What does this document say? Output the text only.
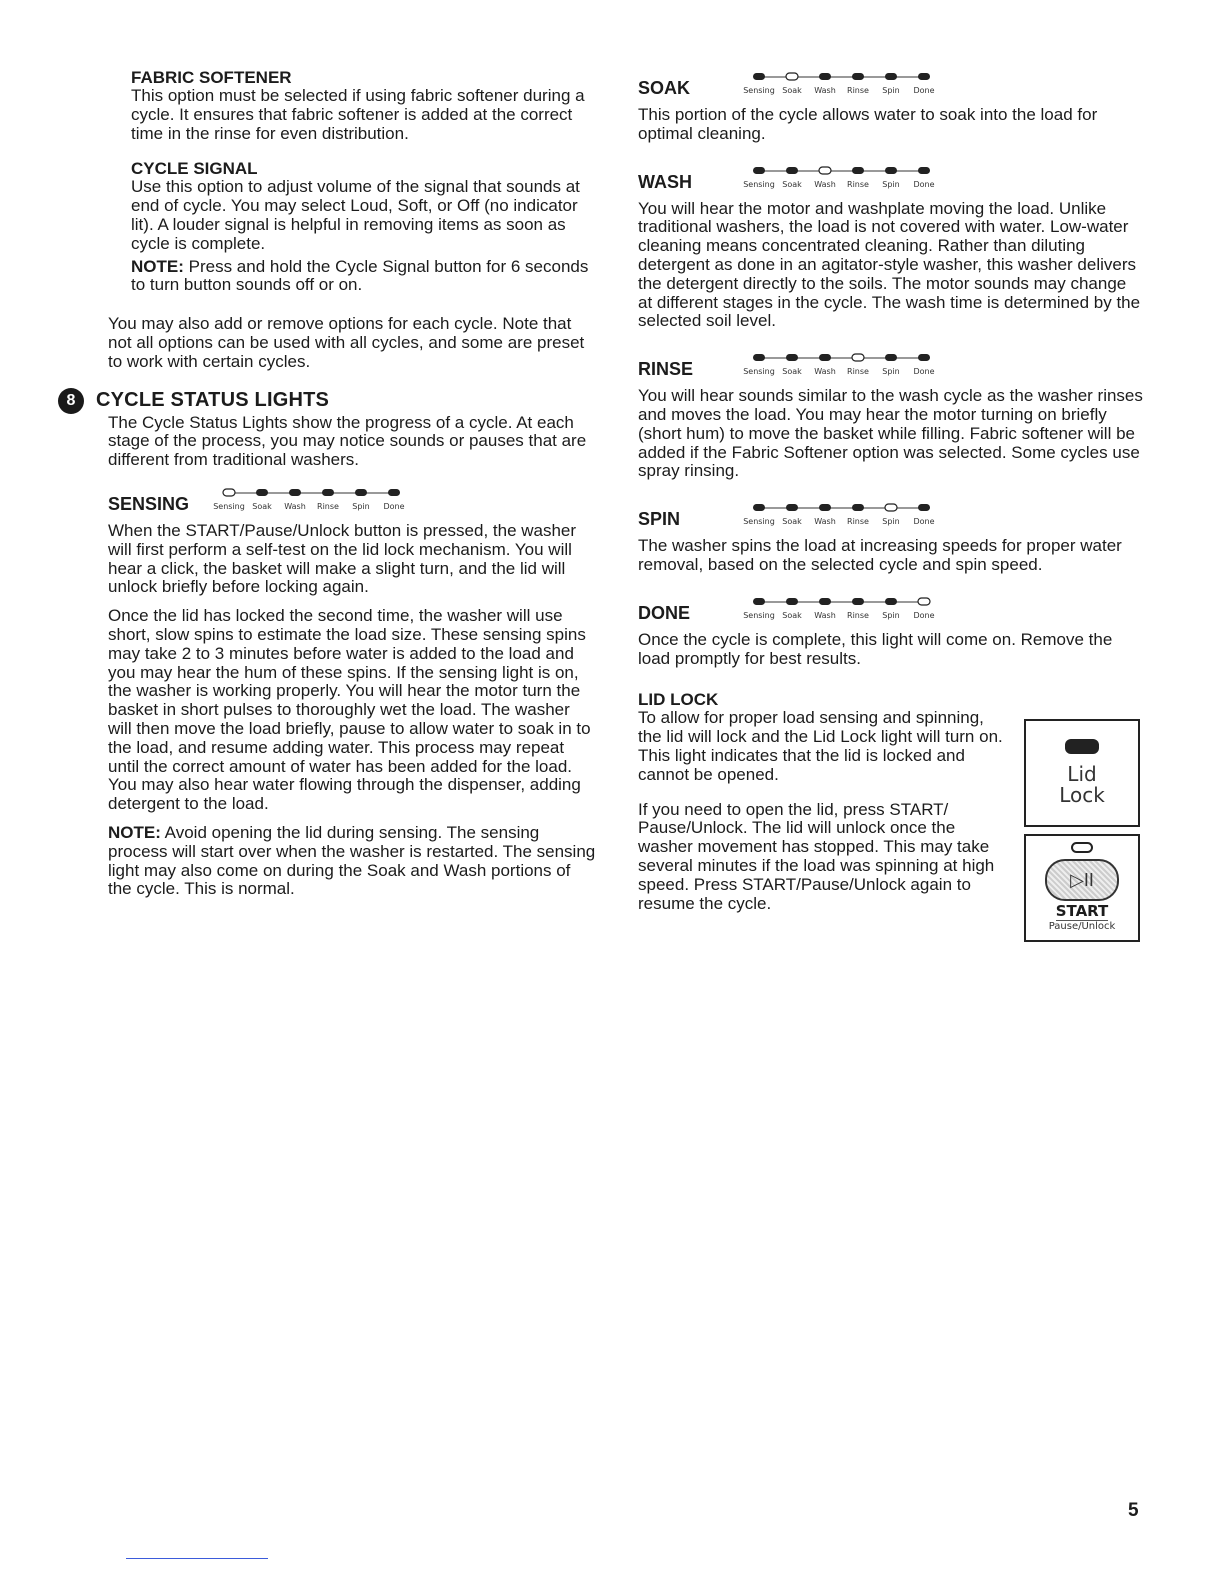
FABRIC SOFTENER

This option must be selected if using fabric softener during a cycle. It ensures that fabric softener is added at the correct time in the rinse for even distribution.

CYCLE SIGNAL

Use this option to adjust volume of the signal that sounds at end of cycle. You may select Loud, Soft, or Off (no indicator lit). A louder signal is helpful in removing items as soon as cycle is complete.

NOTE: Press and hold the Cycle Signal button for 6 seconds to turn button sounds off or on.

You may also add or remove options for each cycle. Note that not all options can be used with all cycles, and some are preset to work with certain cycles.

8	CYCLE STATUS LIGHTS

The Cycle Status Lights show the progress of a cycle. At each stage of the process, you may notice sounds or pauses that are different from traditional washers.

SENSING	Sensing Soak Wash Rinse Spin Done

When the START/Pause/Unlock button is pressed, the washer will first perform a self-test on the lid lock mechanism. You will hear a click, the basket will make a slight turn, and the lid will unlock briefly before locking again.

Once the lid has locked the second time, the washer will use short, slow spins to estimate the load size. These sensing spins may take 2 to 3 minutes before water is added to the load and you may hear the hum of these spins. If the sensing light is on, the washer is working properly. You will hear the motor turn the basket in short pulses to thoroughly wet the load. The washer will then move the load briefly, pause to allow water to soak in to the load, and resume adding water. This process may repeat until the correct amount of water has been added for the load. You may also hear water flowing through the dispenser, adding detergent to the load.

NOTE: Avoid opening the lid during sensing. The sensing process will start over when the washer is restarted. The sensing light may also come on during the Soak and Wash portions of the cycle. This is normal.

SOAK	Sensing Soak Wash Rinse Spin Done

This portion of the cycle allows water to soak into the load for optimal cleaning.

WASH	Sensing Soak Wash Rinse Spin Done

You will hear the motor and washplate moving the load. Unlike traditional washers, the load is not covered with water. Low-water cleaning means concentrated cleaning. Rather than diluting detergent as done in an agitator-style washer, this washer delivers the detergent directly to the soils. The motor sounds may change at different stages in the cycle. The wash time is determined by the selected soil level.

RINSE	Sensing Soak Wash Rinse Spin Done

You will hear sounds similar to the wash cycle as the washer rinses and moves the load. You may hear the motor turning on briefly (short hum) to move the basket while filling. Fabric softener will be added if the Fabric Softener option was selected. Some cycles use spray rinsing.

SPIN	Sensing Soak Wash Rinse Spin Done

The washer spins the load at increasing speeds for proper water removal, based on the selected cycle and spin speed.

DONE	Sensing Soak Wash Rinse Spin Done

Once the cycle is complete, this light will come on. Remove the load promptly for best results.

LID LOCK

To allow for proper load sensing and spinning, the lid will lock and the Lid Lock light will turn on. This light indicates that the lid is locked and cannot be opened.

If you need to open the lid, press START/ Pause/Unlock. The lid will unlock once the washer movement has stopped. This may take several minutes if the load was spinning at high speed. Press START/Pause/Unlock again to resume the cycle.

Lid
Lock
▷II
START
Pause/Unlock
5
